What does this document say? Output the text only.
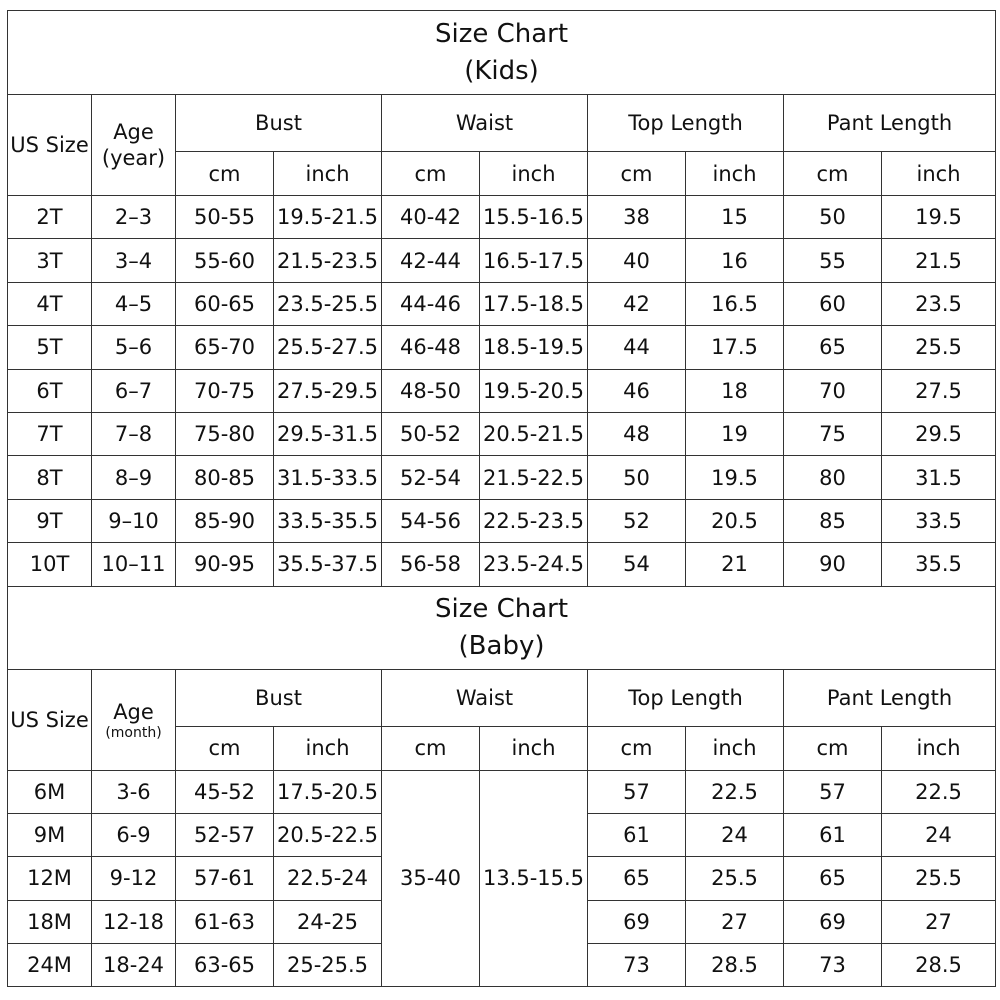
Size Chart
(Kids)									

US Size	Age
(year)	Bust		Waist		Top Length		Pant Length	
		cm	inch	cm	inch	cm	inch	cm	inch
2T	2–3	50-55	19.5-21.5	40-42	15.5-16.5	38	15	50	19.5
3T	3–4	55-60	21.5-23.5	42-44	16.5-17.5	40	16	55	21.5
4T	4–5	60-65	23.5-25.5	44-46	17.5-18.5	42	16.5	60	23.5
5T	5–6	65-70	25.5-27.5	46-48	18.5-19.5	44	17.5	65	25.5
6T	6–7	70-75	27.5-29.5	48-50	19.5-20.5	46	18	70	27.5
7T	7–8	75-80	29.5-31.5	50-52	20.5-21.5	48	19	75	29.5
8T	8–9	80-85	31.5-33.5	52-54	21.5-22.5	50	19.5	80	31.5
9T	9–10	85-90	33.5-35.5	54-56	22.5-23.5	52	20.5	85	33.5
10T	10–11	90-95	35.5-37.5	56-58	23.5-24.5	54	21	90	35.5

Size Chart
(Baby)									

US Size	Age
(month)	Bust		Waist		Top Length		Pant Length	
		cm	inch	cm	inch	cm	inch	cm	inch
6M	3-6	45-52	17.5-20.5	35-40	13.5-15.5	57	22.5	57	22.5
9M	6-9	52-57	20.5-22.5			61	24	61	24
12M	9-12	57-61	22.5-24			65	25.5	65	25.5
18M	12-18	61-63	24-25			69	27	69	27
24M	18-24	63-65	25-25.5			73	28.5	73	28.5
